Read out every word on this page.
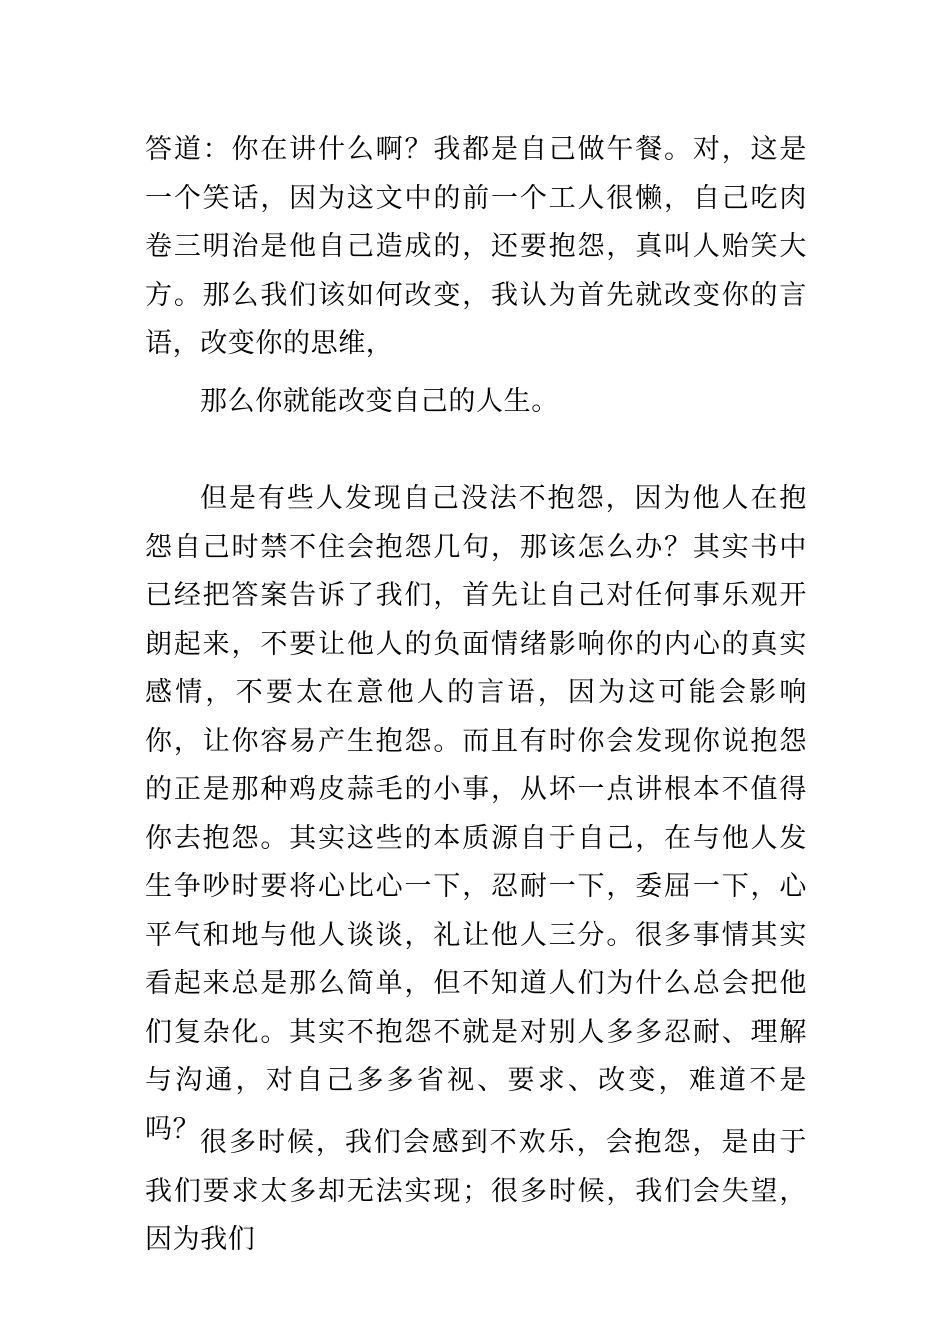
答道：你在讲什么啊？我都是自己做午餐。对，这是一个笑话，因为这文中的前一个工人很懒，自己吃肉卷三明治是他自己造成的，还要抱怨，真叫人贻笑大方。那么我们该如何改变，我认为首先就改变你的言语，改变你的思维，

那么你就能改变自己的人生。

但是有些人发现自己没法不抱怨，因为他人在抱怨自己时禁不住会抱怨几句，那该怎么办？其实书中已经把答案告诉了我们，首先让自己对任何事乐观开朗起来，不要让他人的负面情绪影响你的内心的真实感情，不要太在意他人的言语，因为这可能会影响你，让你容易产生抱怨。而且有时你会发现你说抱怨的正是那种鸡皮蒜毛的小事，从坏一点讲根本不值得你去抱怨。其实这些的本质源自于自己，在与他人发生争吵时要将心比心一下，忍耐一下，委屈一下，心平气和地与他人谈谈，礼让他人三分。很多事情其实看起来总是那么简单，但不知道人们为什么总会把他们复杂化。其实不抱怨不就是对别人多多忍耐、理解与沟通，对自己多多省视、要求、改变，难道不是吗？ 很多时候，我们会感到不欢乐，会抱怨，是由于我们要求太多却无法实现；很多时候，我们会失望，因为我们
